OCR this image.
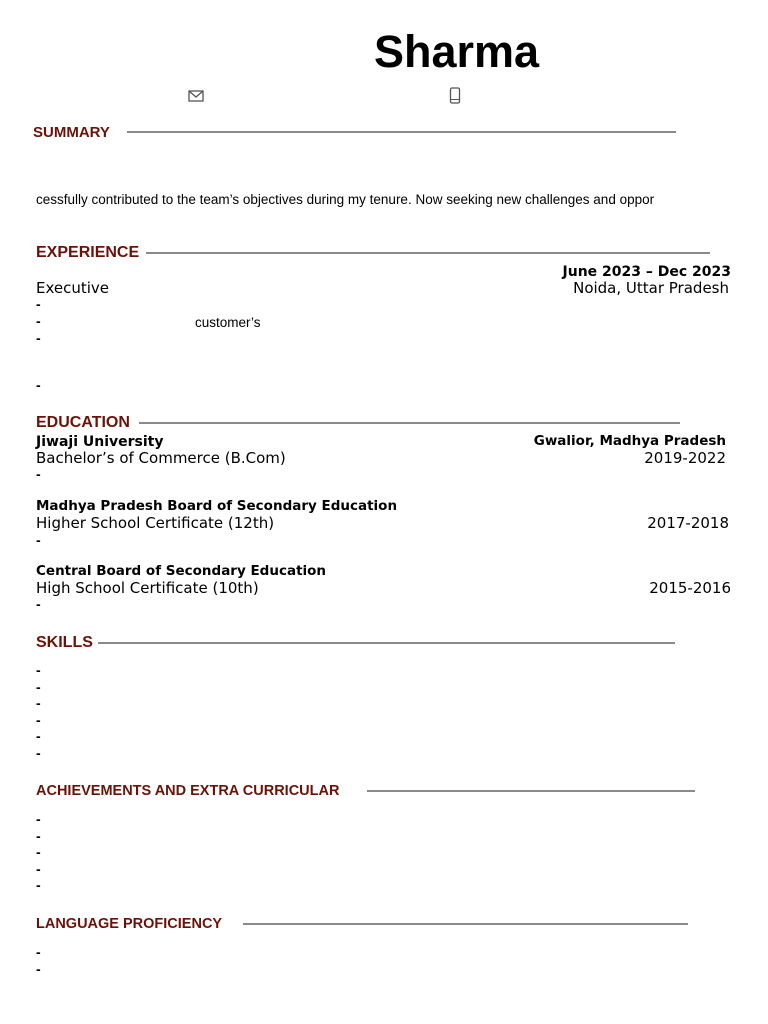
Sharma
SUMMARY
cessfully contributed to the team’s objectives during my tenure. Now seeking new challenges and oppor
EXPERIENCE
June 2023 – Dec 2023
Executive	Noida, Uttar Pradesh
-
-	customer’s
-
-
EDUCATION
Jiwaji University	Gwalior, Madhya Pradesh
Bachelor’s of Commerce (B.Com)	2019-2022
-
Madhya Pradesh Board of Secondary Education
Higher School Certificate (12th)	2017-2018
-
Central Board of Secondary Education
High School Certificate (10th)	2015-2016
-
SKILLS
-
-
-
-
-
-
ACHIEVEMENTS AND EXTRA CURRICULAR
-
-
-
-
-
LANGUAGE PROFICIENCY
-
-
